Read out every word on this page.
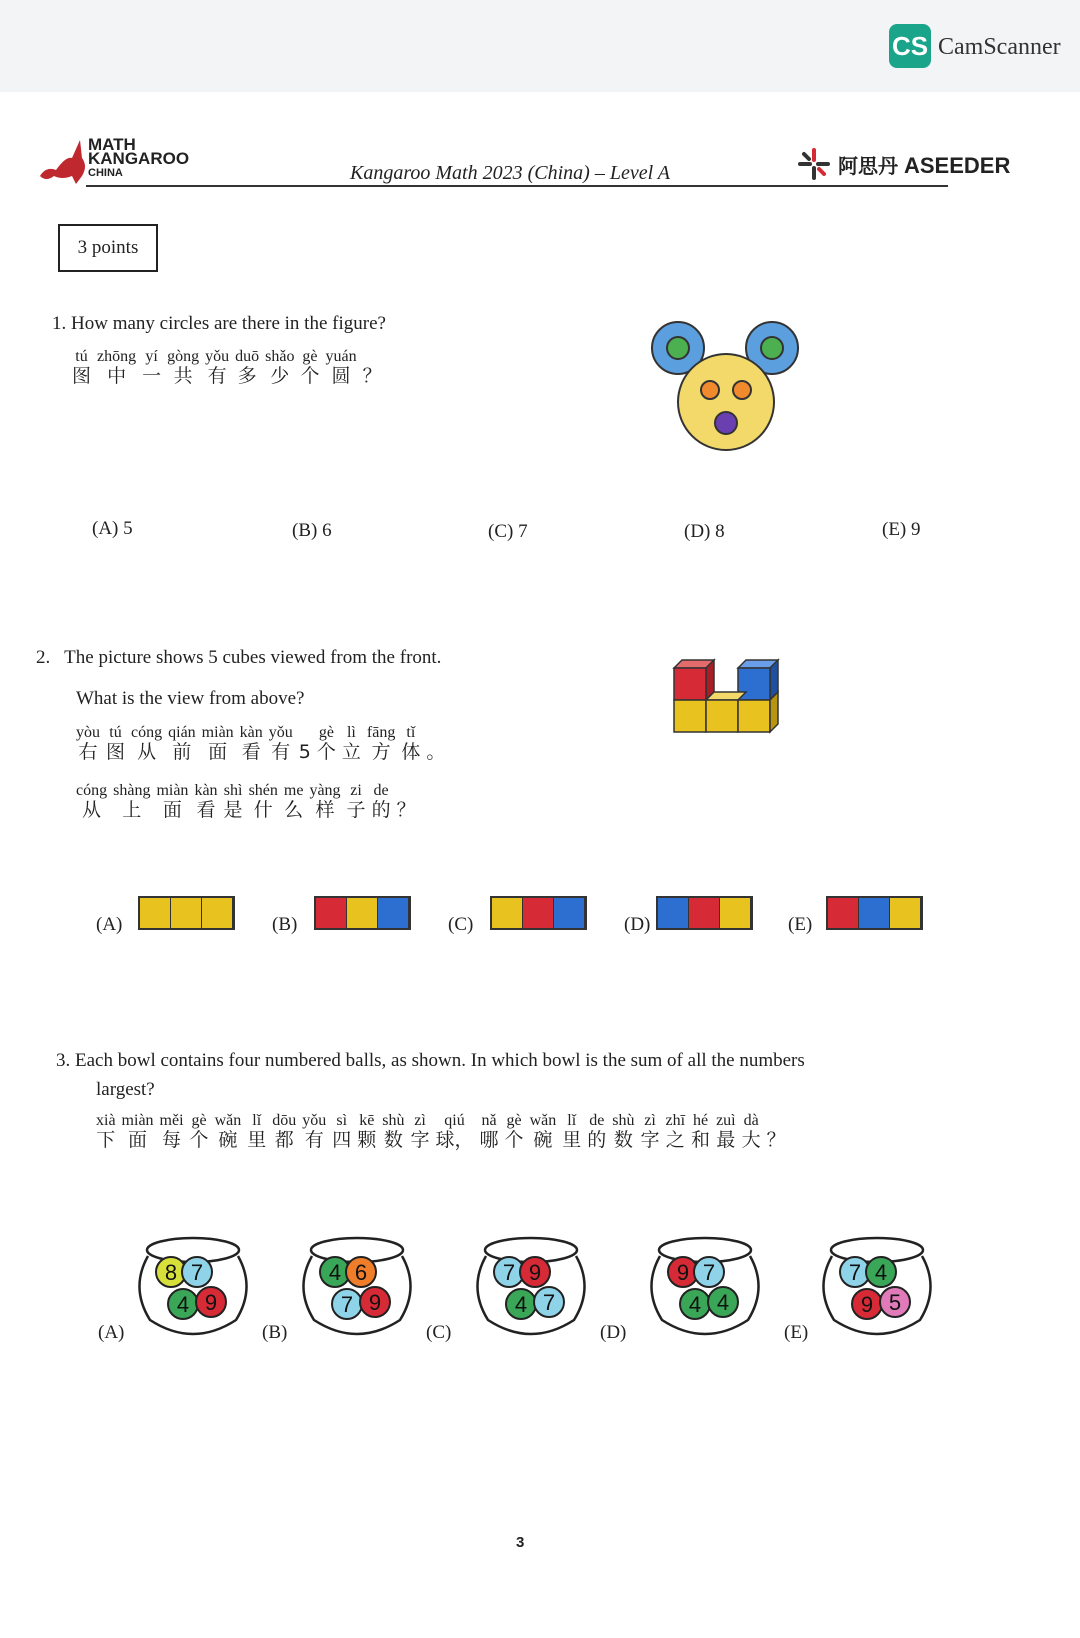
CS CamScanner
MATH
KANGAROO
CHINA	Kangaroo Math 2023 (China) – Level A	阿思丹 ASEEDER
3 points
1. How many circles are there in the figure?
tú
图
zhōng
中
yí
一
gòng
共
yǒu
有
duō
多
shǎo
少
gè
个
yuán
圆
？
(A) 5	(B) 6	(C) 7	(D) 8	(E) 9
2. The picture shows 5 cubes viewed from the front.
What is the view from above?
yòu
右
tú
图
cóng
从
qián
前
miàn
面
kàn
看
yǒu
有
5
gè
个
lì
立
fāng
方
tǐ
体
。
cóng
从
shàng
上
miàn
面
kàn
看
shì
是
shén
什
me
么
yàng
样
zi
子
de
的
？
(A)	(B)	(C)	(D)	(E)
3. Each bowl contains four numbered balls, as shown. In which bowl is the sum of all the numbers
largest?
xià
下
miàn
面
měi
每
gè
个
wǎn
碗
lǐ
里
dōu
都
yǒu
有
sì
四
kē
颗
shù
数
zì
字
qiú
球，
nǎ
哪
gè
个
wǎn
碗
lǐ
里
de
的
shù
数
zì
字
zhī
之
hé
和
zuì
最
dà
大
？
(A)
8 7
4 9
(B)
4 6
7 9
(C)
7 9
4 7
(D)
9 7
4 4
(E)
7 4
9 5
3
